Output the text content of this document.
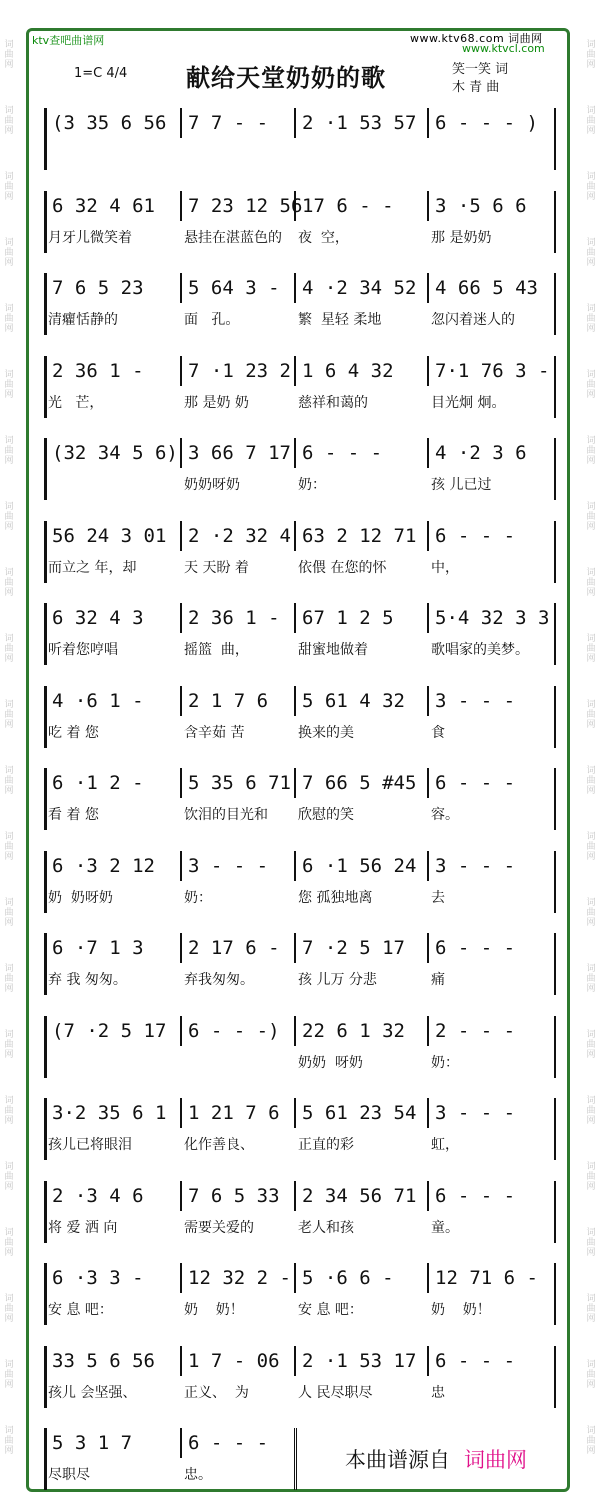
词曲网
词曲网
词曲网
词曲网
词曲网
词曲网
词曲网
词曲网
词曲网
词曲网
词曲网
词曲网
词曲网
词曲网
词曲网
词曲网
词曲网
词曲网
词曲网
词曲网
词曲网
词曲网
词曲网
词曲网
词曲网
词曲网
词曲网
词曲网
词曲网
词曲网
词曲网
词曲网
词曲网
词曲网
词曲网
词曲网
词曲网
词曲网
词曲网
词曲网
词曲网
词曲网
词曲网
词曲网
ktv查吧曲谱网	www.ktv68.com 词曲网
www.ktvcl.com
1=C 4/4 献给天堂奶奶的歌	笑一笑 词
木 青 曲
(3 35 6 56 7 7 - - 2 ·1 53 57 6 - - - )
6 32 4 61
月牙儿微笑着
7 23 12 56
悬挂在湛蓝色的
17 6 - -
夜  空，
3 ·5 6 6
那 是奶奶
7 6 5 23
清癯恬静的
5 64 3 -
面   孔。
4 ·2 34 52
繁  星轻 柔地
4 66 5 43
忽闪着迷人的
2 36 1 -
光   芒，
7 ·1 23 2
那 是奶 奶
1 6 4 32
慈祥和蔼的
7·1 76 3 -
目光炯 炯。
(32 34 5 6) 3 66 7 17
奶奶呀奶
6 - - -
奶：
4 ·2 3 6
孩 儿已过
56 24 3 01
而立之 年，却
2 ·2 32 4
天 天盼 着
63 2 12 71
依偎 在您的怀
6 - - -
中，
6 32 4 3
听着您哼唱
2 36 1 -
摇篮  曲，
67 1 2 5
甜蜜地做着
5·4 32 3 3
歌唱家的美梦。
4 ·6 1 -
吃 着 您
2 1 7 6
含辛茹 苦
5 61 4 32
换来的美
3 - - -
食
6 ·1 2 -
看 着 您
5 35 6 71
饮泪的目光和
7 66 5 #45
欣慰的笑
6 - - -
容。
6 ·3 2 12
奶  奶呀奶
3 - - -
奶：
6 ·1 56 24
您 孤独地离
3 - - -
去
6 ·7 1 3
弃 我 匆匆。
2 17 6 -
弃我匆匆。
7 ·2 5 17
孩 儿万 分悲
6 - - -
痛
(7 ·2 5 17 6 - - -) 22 6 1 32
奶奶  呀奶
2 - - -
奶：
3·2 35 6 1
孩儿已将眼泪
1 21 7 6
化作善良、
5 61 23 54
正直的彩
3 - - -
虹，
2 ·3 4 6
将 爱 洒 向
7 6 5 33
需要关爱的
2 34 56 71
老人和孩
6 - - -
童。
6 ·3 3 -
安 息 吧：
12 32 2 -
奶    奶！
5 ·6 6 -
安 息 吧：
12 71 6 -
奶    奶！
33 5 6 56
孩儿 会坚强、
1 7 - 06
正义、  为
2 ·1 53 17
人 民尽职尽
6 - - -
忠
5 3 1 7
尽职尽
6 - - -
忠。
本曲谱源自 词曲网
